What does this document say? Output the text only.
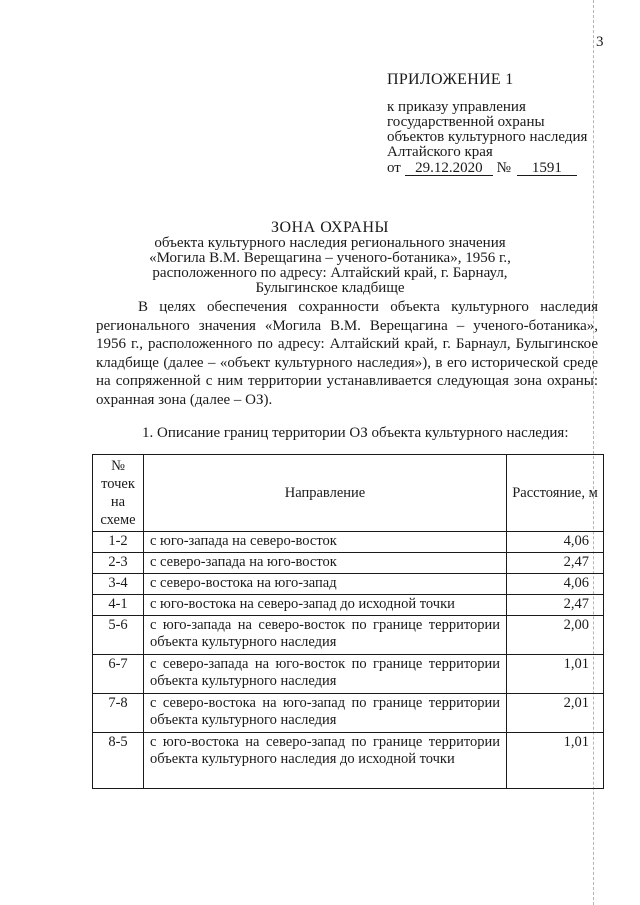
3
ПРИЛОЖЕНИЕ 1
к приказу управления
государственной охраны
объектов культурного наследия
Алтайского края
от 29.12.2020 № 1591
ЗОНА ОХРАНЫ
объекта культурного наследия регионального значения
«Могила В.М. Верещагина – ученого-ботаника», 1956 г.,
расположенного по адресу: Алтайский край, г. Барнаул,
Булыгинское кладбище
В целях обеспечения сохранности объекта культурного наследия регионального значения «Могила В.М. Верещагина – ученого-ботаника», 1956 г., расположенного по адресу: Алтайский край, г. Барнаул, Булыгинское кладбище (далее – «объект культурного наследия»), в его исторической среде на сопряженной с ним территории устанавливается следующая зона охраны: охранная зона (далее – ОЗ).
1. Описание границ территории ОЗ объекта культурного наследия:
№ точек на схеме	Направление	Расстояние, м
1-2	с юго-запада на северо-восток	4,06
2-3	с северо-запада на юго-восток	2,47
3-4	с северо-востока на юго-запад	4,06
4-1	с юго-востока на северо-запад до исходной точки	2,47
5-6	с юго-запада на северо-восток по границе территории объекта культурного наследия	2,00
6-7	с северо-запада на юго-восток по границе территории объекта культурного наследия	1,01
7-8	с северо-востока на юго-запад по границе территории объекта культурного наследия	2,01
8-5	с юго-востока на северо-запад по границе территории объекта культурного наследия до исходной точки	1,01
